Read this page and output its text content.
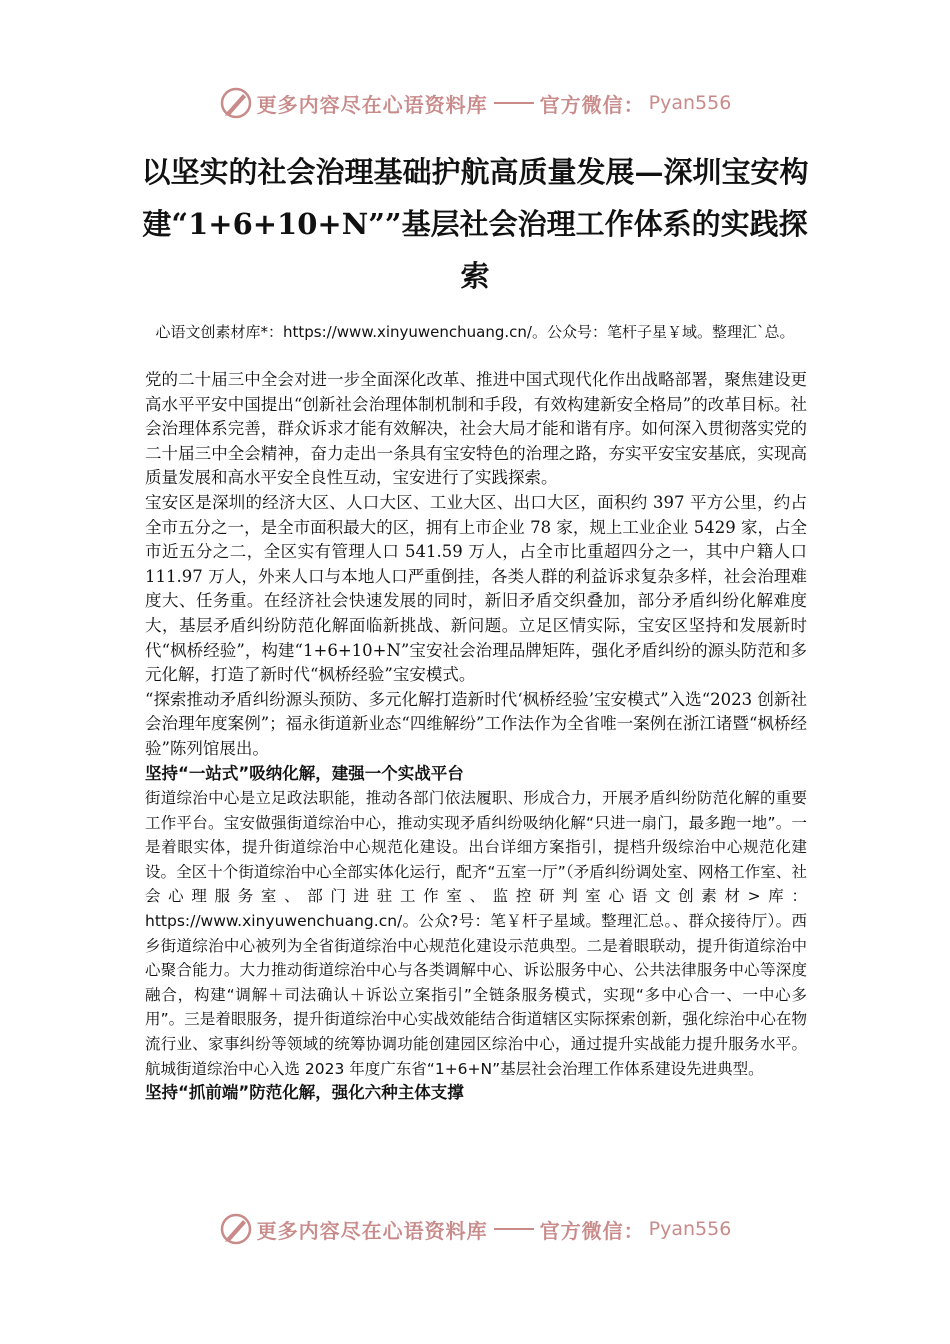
更多内容尽在心语资料库	官方微信： Pyan556
以坚实的社会治理基础护航高质量发展—深圳宝安构建“1+6+10+N””基层社会治理工作体系的实践探索

心语文创素材库*：https://www.xinyuwenchuang.cn/。公众号：笔杆子星￥域。整理汇`总。

党的二十届三中全会对进一步全面深化改革、推进中国式现代化作出战略部署，聚焦建设更高水平平安中国提出“创新社会治理体制机制和手段，有效构建新安全格局”的改革目标。社会治理体系完善，群众诉求才能有效解决，社会大局才能和谐有序。如何深入贯彻落实党的二十届三中全会精神，奋力走出一条具有宝安特色的治理之路，夯实平安宝安基底，实现高质量发展和高水平安全良性互动，宝安进行了实践探索。

宝安区是深圳的经济大区、人口大区、工业大区、出口大区，面积约 397 平方公里，约占全市五分之一，是全市面积最大的区，拥有上市企业 78 家，规上工业企业 5429 家，占全市近五分之二，全区实有管理人口 541.59 万人，占全市比重超四分之一，其中户籍人口 111.97 万人，外来人口与本地人口严重倒挂，各类人群的利益诉求复杂多样，社会治理难度大、任务重。在经济社会快速发展的同时，新旧矛盾交织叠加，部分矛盾纠纷化解难度大，基层矛盾纠纷防范化解面临新挑战、新问题。立足区情实际，宝安区坚持和发展新时代“枫桥经验”，构建“1+6+10+N”宝安社会治理品牌矩阵，强化矛盾纠纷的源头防范和多元化解，打造了新时代“枫桥经验”宝安模式。

“探索推动矛盾纠纷源头预防、多元化解打造新时代‘枫桥经验’宝安模式”入选“2023 创新社会治理年度案例”；福永街道新业态“四维解纷”工作法作为全省唯一案例在浙江诸暨“枫桥经验”陈列馆展出。

坚持“一站式”吸纳化解，建强一个实战平台

街道综治中心是立足政法职能，推动各部门依法履职、形成合力，开展矛盾纠纷防范化解的重要工作平台。宝安做强街道综治中心，推动实现矛盾纠纷吸纳化解“只进一扇门，最多跑一地”。一是着眼实体，提升街道综治中心规范化建设。出台详细方案指引，提档升级综治中心规范化建设。全区十个街道综治中心全部实体化运行，配齐“五室一厅”（矛盾纠纷调处室、网格工作室、社会心理服务室、部门进驻工作室、监控研判室心语文创素材>库：https://www.xinyuwenchuang.cn/。公众?号：笔￥杆子星域。整理汇总。、群众接待厅）。西乡街道综治中心被列为全省街道综治中心规范化建设示范典型。二是着眼联动，提升街道综治中心聚合能力。大力推动街道综治中心与各类调解中心、诉讼服务中心、公共法律服务中心等深度融合，构建“调解＋司法确认＋诉讼立案指引”全链条服务模式，实现“多中心合一、一中心多用”。三是着眼服务，提升街道综治中心实战效能结合街道辖区实际探索创新，强化综治中心在物流行业、家事纠纷等领域的统筹协调功能创建园区综治中心，通过提升实战能力提升服务水平。航城街道综治中心入选 2023 年度广东省“1+6+N”基层社会治理工作体系建设先进典型。

坚持“抓前端”防范化解，强化六种主体支撑

更多内容尽在心语资料库	官方微信： Pyan556
